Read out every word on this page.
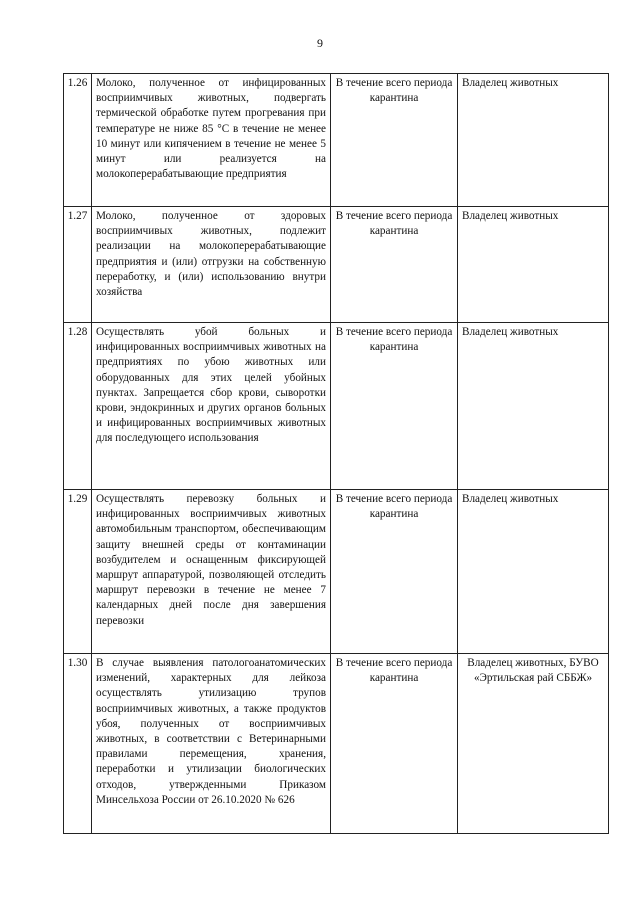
9
1.26	Молоко, полученное от инфицированных восприимчивых животных, подвергать термической обработке путем прогревания при температуре не ниже 85 °С в течение не менее 10 минут или кипячением в течение не менее 5 минут или реализуется на молокоперерабатывающие предприятия	В течение всего периода карантина	Владелец животных
1.27	Молоко, полученное от здоровых восприимчивых животных, подлежит реализации на молокоперерабатывающие предприятия и (или) отгрузки на собственную переработку, и (или) использованию внутри хозяйства	В течение всего периода карантина	Владелец животных
1.28	Осуществлять убой больных и инфицированных восприимчивых животных на предприятиях по убою животных или оборудованных для этих целей убойных пунктах. Запрещается сбор крови, сыворотки крови, эндокринных и других органов больных и инфицированных восприимчивых животных для последующего использования	В течение всего периода карантина	Владелец животных
1.29	Осуществлять перевозку больных и инфицированных восприимчивых животных автомобильным транспортом, обеспечивающим защиту внешней среды от контаминации возбудителем и оснащенным фиксирующей маршрут аппаратурой, позволяющей отследить маршрут перевозки в течение не менее 7 календарных дней после дня завершения перевозки	В течение всего периода карантина	Владелец животных
1.30	В случае выявления патологоанатомических изменений, характерных для лейкоза осуществлять утилизацию трупов восприимчивых животных, а также продуктов убоя, полученных от восприимчивых животных, в соответствии с Ветеринарными правилами перемещения, хранения, переработки и утилизации биологических отходов, утвержденными Приказом Минсельхоза России от 26.10.2020 № 626	В течение всего периода карантина	Владелец животных, БУВО «Эртильская рай СББЖ»
